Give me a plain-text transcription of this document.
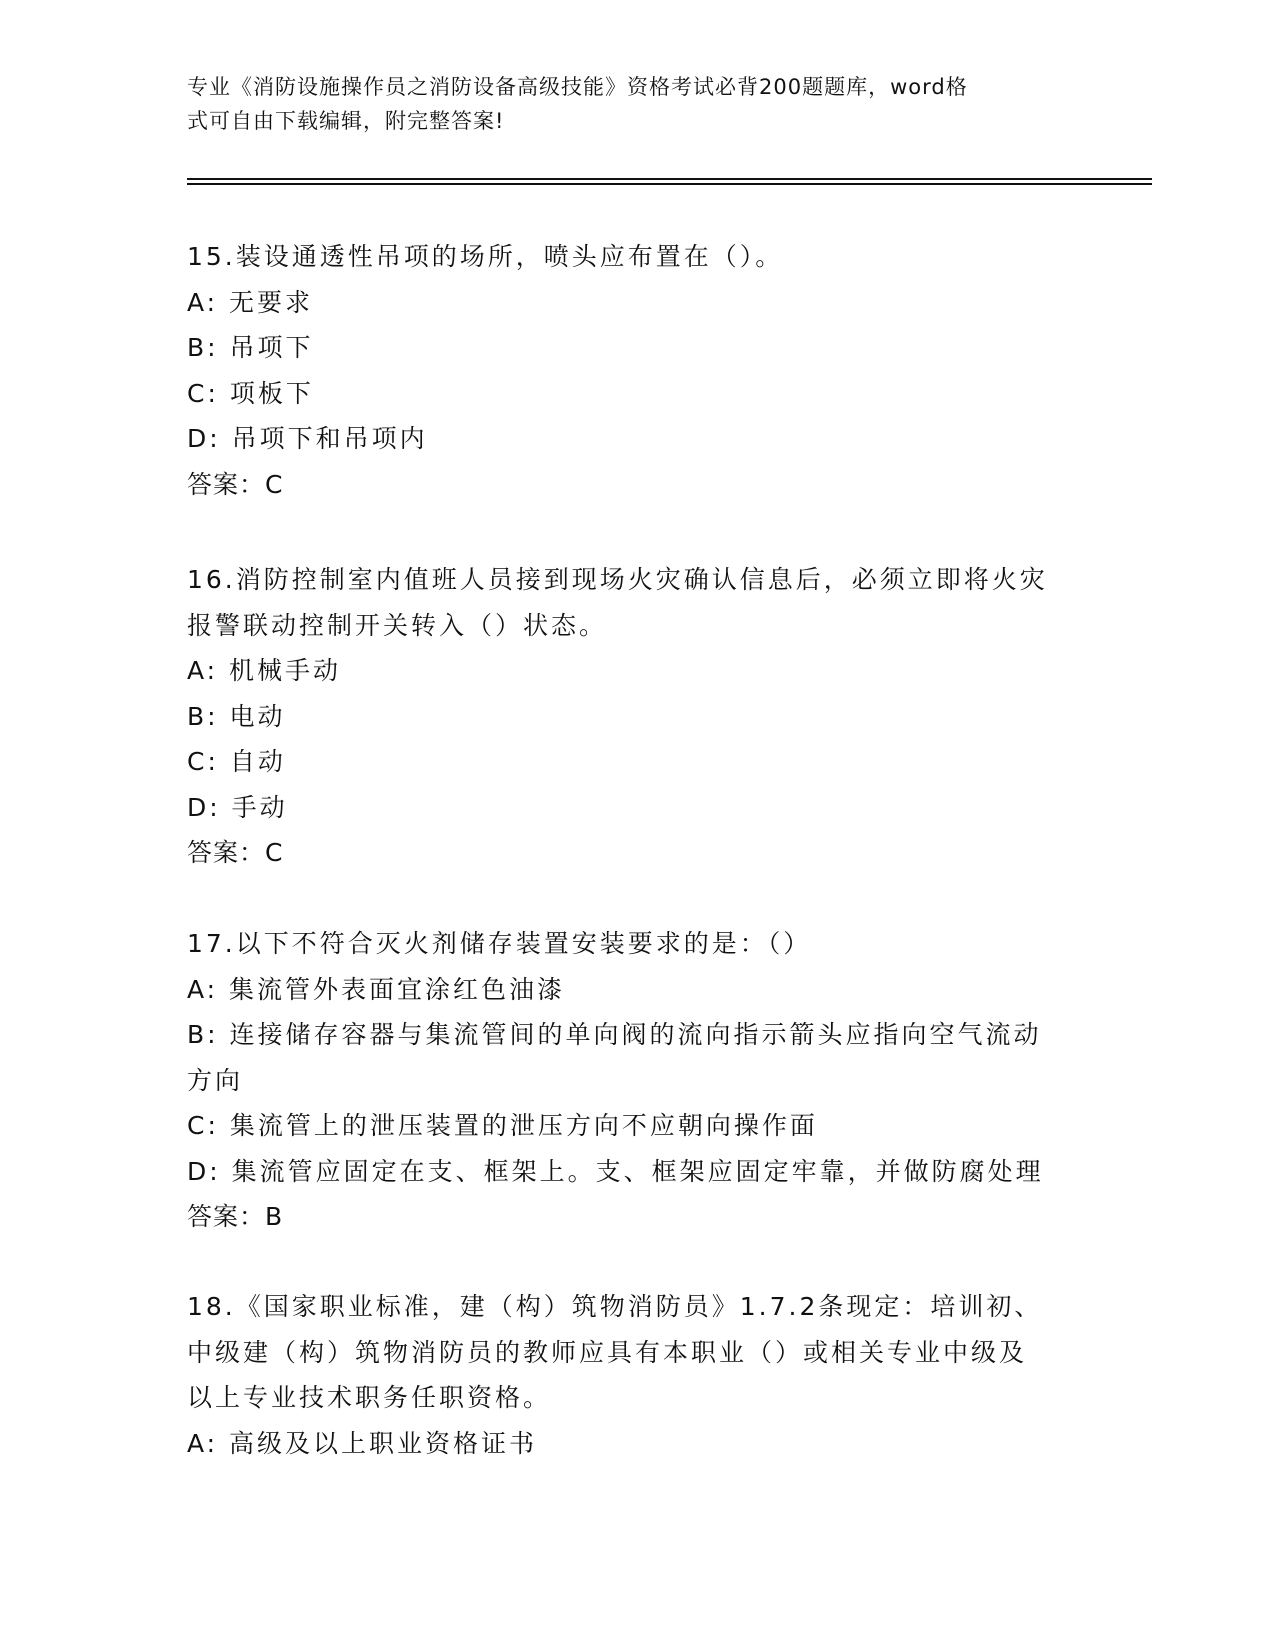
专业《消防设施操作员之消防设备高级技能》资格考试必背200题题库，word格

式可自由下载编辑，附完整答案!

15.装设通透性吊项的场所，喷头应布置在（）。

A: 无要求

B: 吊项下

C: 项板下

D: 吊项下和吊项内

答案：C

16.消防控制室内值班人员接到现场火灾确认信息后，必须立即将火灾

报警联动控制开关转入（）状态。

A: 机械手动

B: 电动

C: 自动

D: 手动

答案：C

17.以下不符合灭火剂储存装置安装要求的是：（）

A: 集流管外表面宜涂红色油漆

B: 连接储存容器与集流管间的单向阀的流向指示箭头应指向空气流动

方向

C: 集流管上的泄压装置的泄压方向不应朝向操作面

D: 集流管应固定在支、框架上。支、框架应固定牢靠，并做防腐处理

答案：B

18.《国家职业标准，建（构）筑物消防员》1.7.2条现定：培训初、

中级建（构）筑物消防员的教师应具有本职业（）或相关专业中级及

以上专业技术职务任职资格。

A: 高级及以上职业资格证书
